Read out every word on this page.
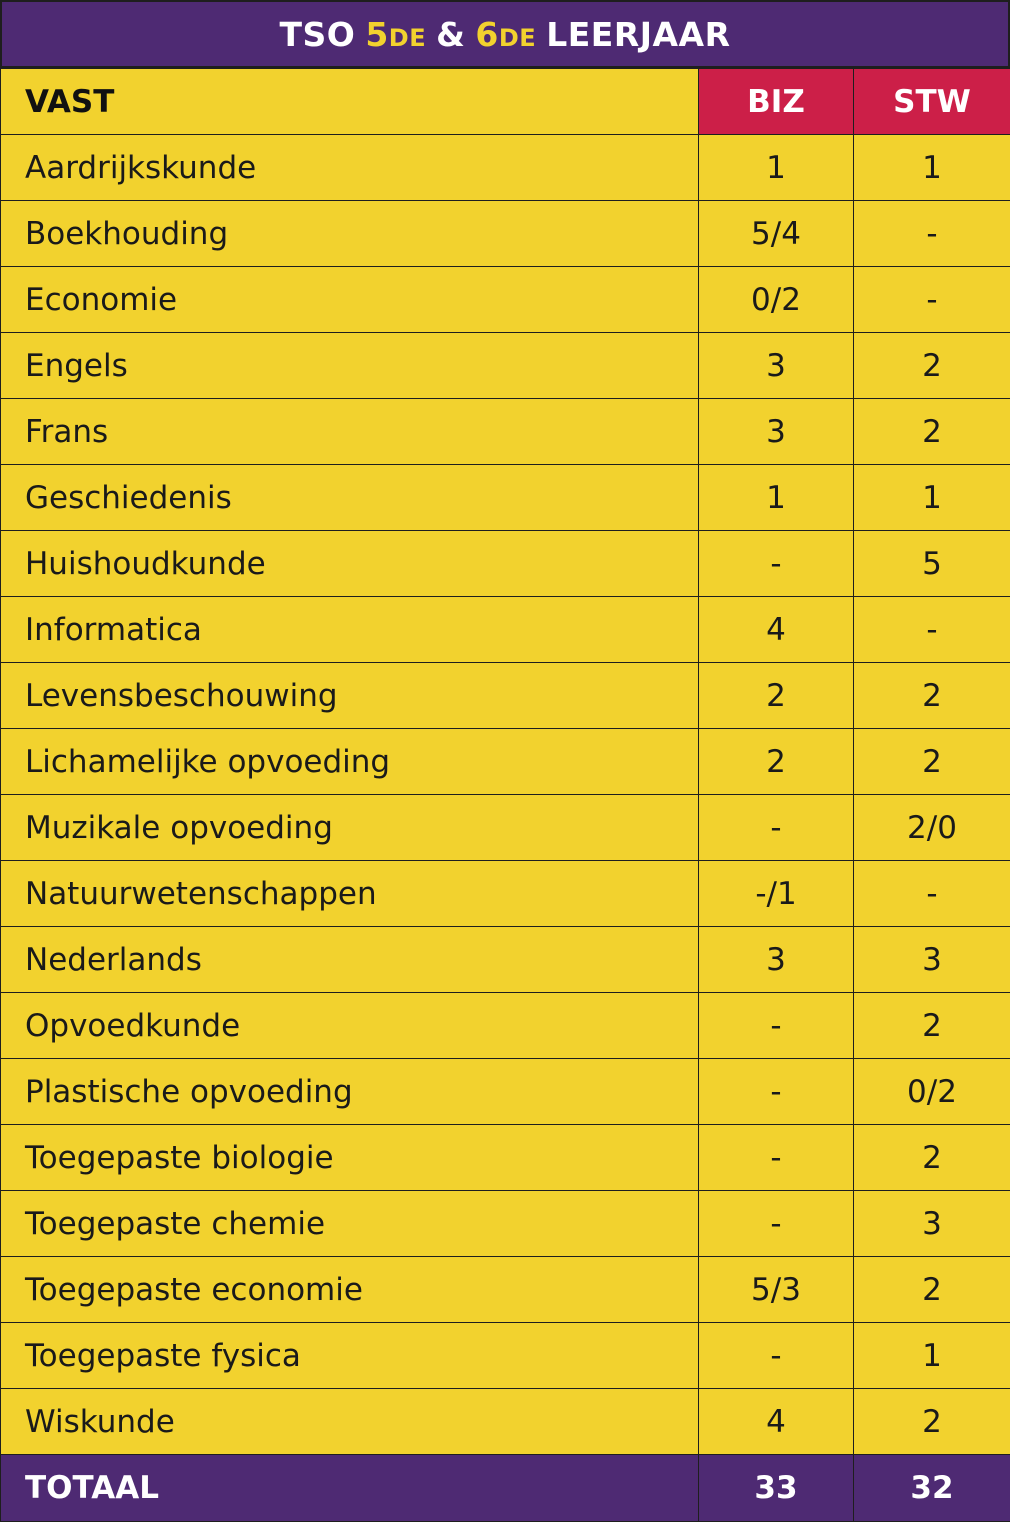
TSO 5DE & 6DE LEERJAAR
VAST	BIZ	STW
Aardrijkskunde	1	1
Boekhouding	5/4	-
Economie	0/2	-
Engels	3	2
Frans	3	2
Geschiedenis	1	1
Huishoudkunde	-	5
Informatica	4	-
Levensbeschouwing	2	2
Lichamelijke opvoeding	2	2
Muzikale opvoeding	-	2/0
Natuurwetenschappen	-/1	-
Nederlands	3	3
Opvoedkunde	-	2
Plastische opvoeding	-	0/2
Toegepaste biologie	-	2
Toegepaste chemie	-	3
Toegepaste economie	5/3	2
Toegepaste fysica	-	1
Wiskunde	4	2
TOTAAL	33	32
